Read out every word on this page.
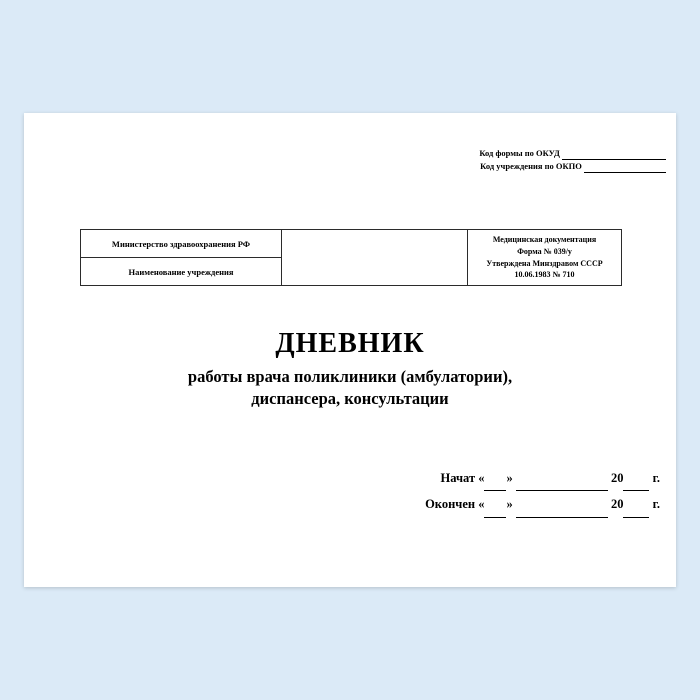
Код формы по ОКУД
Код учреждения по ОКПО
Министерство здравоохранения РФ		Медицинская документация
Форма № 039/у
Утверждена Минздравом СССР
10.06.1983 № 710

Наименование учреждения
ДНЕВНИК
работы врача поликлиники (амбулатории),
диспансера, консультации
Начат « »	20 г.
Окончен « »	20 г.
